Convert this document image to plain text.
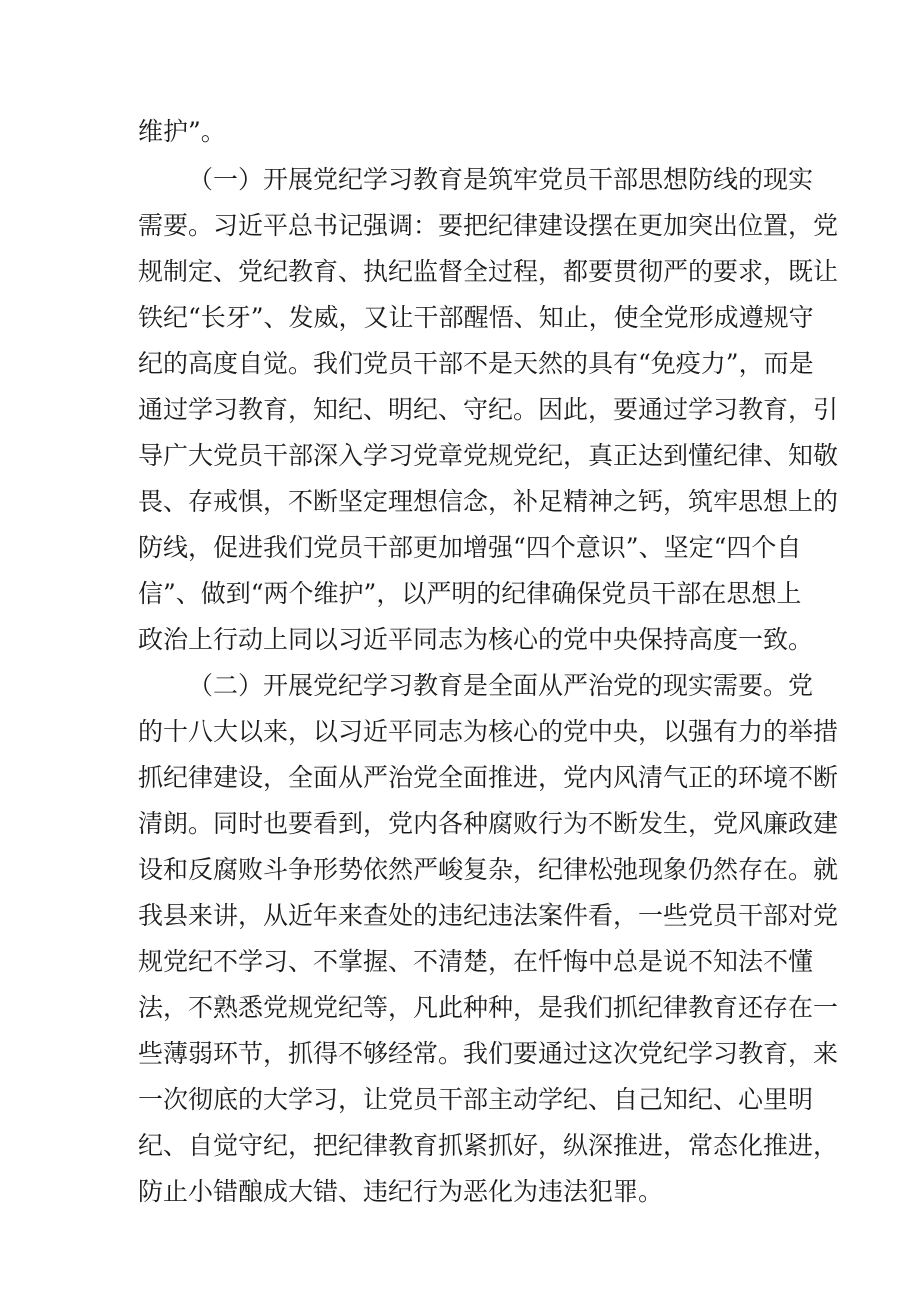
维护”。
（一）开展党纪学习教育是筑牢党员干部思想防线的现实
需要。习近平总书记强调：要把纪律建设摆在更加突出位置，党
规制定、党纪教育、执纪监督全过程，都要贯彻严的要求，既让
铁纪“长牙”、发威，又让干部醒悟、知止，使全党形成遵规守
纪的高度自觉。我们党员干部不是天然的具有“免疫力”，而是
通过学习教育，知纪、明纪、守纪。因此，要通过学习教育，引
导广大党员干部深入学习党章党规党纪，真正达到懂纪律、知敬
畏、存戒惧，不断坚定理想信念，补足精神之钙，筑牢思想上的
防线，促进我们党员干部更加增强“四个意识”、坚定“四个自
信”、做到“两个维护”，以严明的纪律确保党员干部在思想上
政治上行动上同以习近平同志为核心的党中央保持高度一致。
（二）开展党纪学习教育是全面从严治党的现实需要。党
的十八大以来，以习近平同志为核心的党中央，以强有力的举措
抓纪律建设，全面从严治党全面推进，党内风清气正的环境不断
清朗。同时也要看到，党内各种腐败行为不断发生，党风廉政建
设和反腐败斗争形势依然严峻复杂，纪律松弛现象仍然存在。就
我县来讲，从近年来查处的违纪违法案件看，一些党员干部对党
规党纪不学习、不掌握、不清楚，在忏悔中总是说不知法不懂
法，不熟悉党规党纪等，凡此种种，是我们抓纪律教育还存在一
些薄弱环节，抓得不够经常。我们要通过这次党纪学习教育，来
一次彻底的大学习，让党员干部主动学纪、自己知纪、心里明
纪、自觉守纪，把纪律教育抓紧抓好，纵深推进，常态化推进，
防止小错酿成大错、违纪行为恶化为违法犯罪。
